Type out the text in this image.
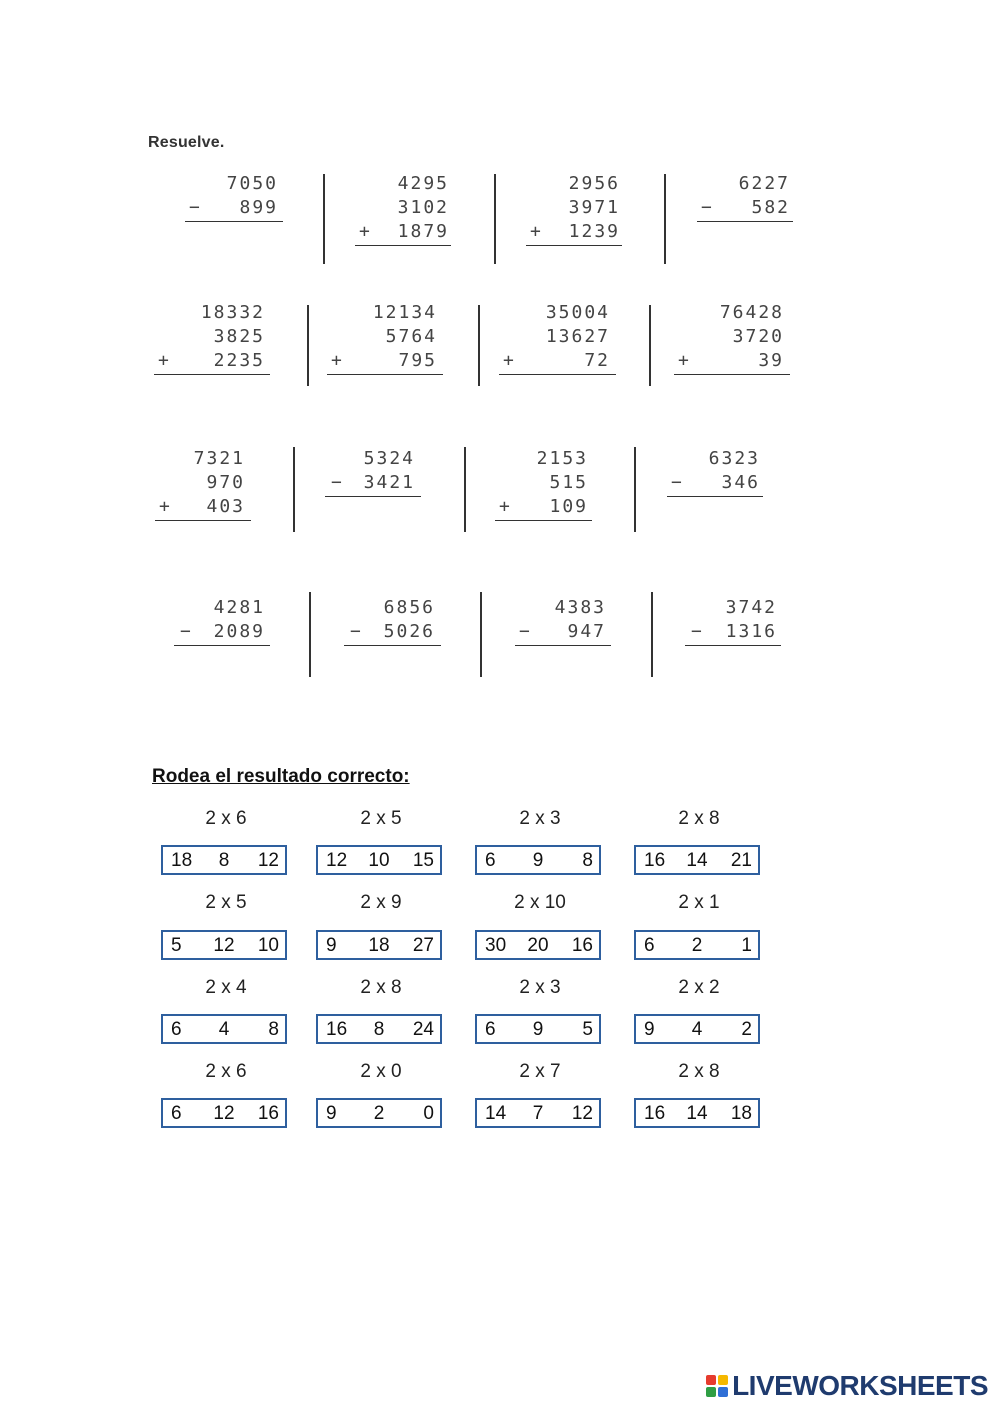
Resuelve.
7050
− 899
4295
3102
+ 1879
2956
3971
+ 1239
6227
− 582
18332
3825
+ 2235
12134
5764
+	795
35004
13627
+	72
76428
3720
+	39
7321
970
+ 403
5324
− 3421
2153
515
+ 109
6323
− 346
4281
− 2089
6856
− 5026
4383
− 947
3742
− 1316
Rodea el resultado correcto:
2 x 6
18 8 12
2 x 5
12 10 15
2 x 3
6 9 8
2 x 8
16 14 21
2 x 5
5 12 10
2 x 9
9 18 27
2 x 10
30 20 16
2 x 1
6 2 1
2 x 4
6 4 8
2 x 8
16 8 24
2 x 3
6 9 5
2 x 2
9 4 2
2 x 6
6 12 16
2 x 0
9 2 0
2 x 7
14 7 12
2 x 8
16 14 18
LIVEWORKSHEETS
